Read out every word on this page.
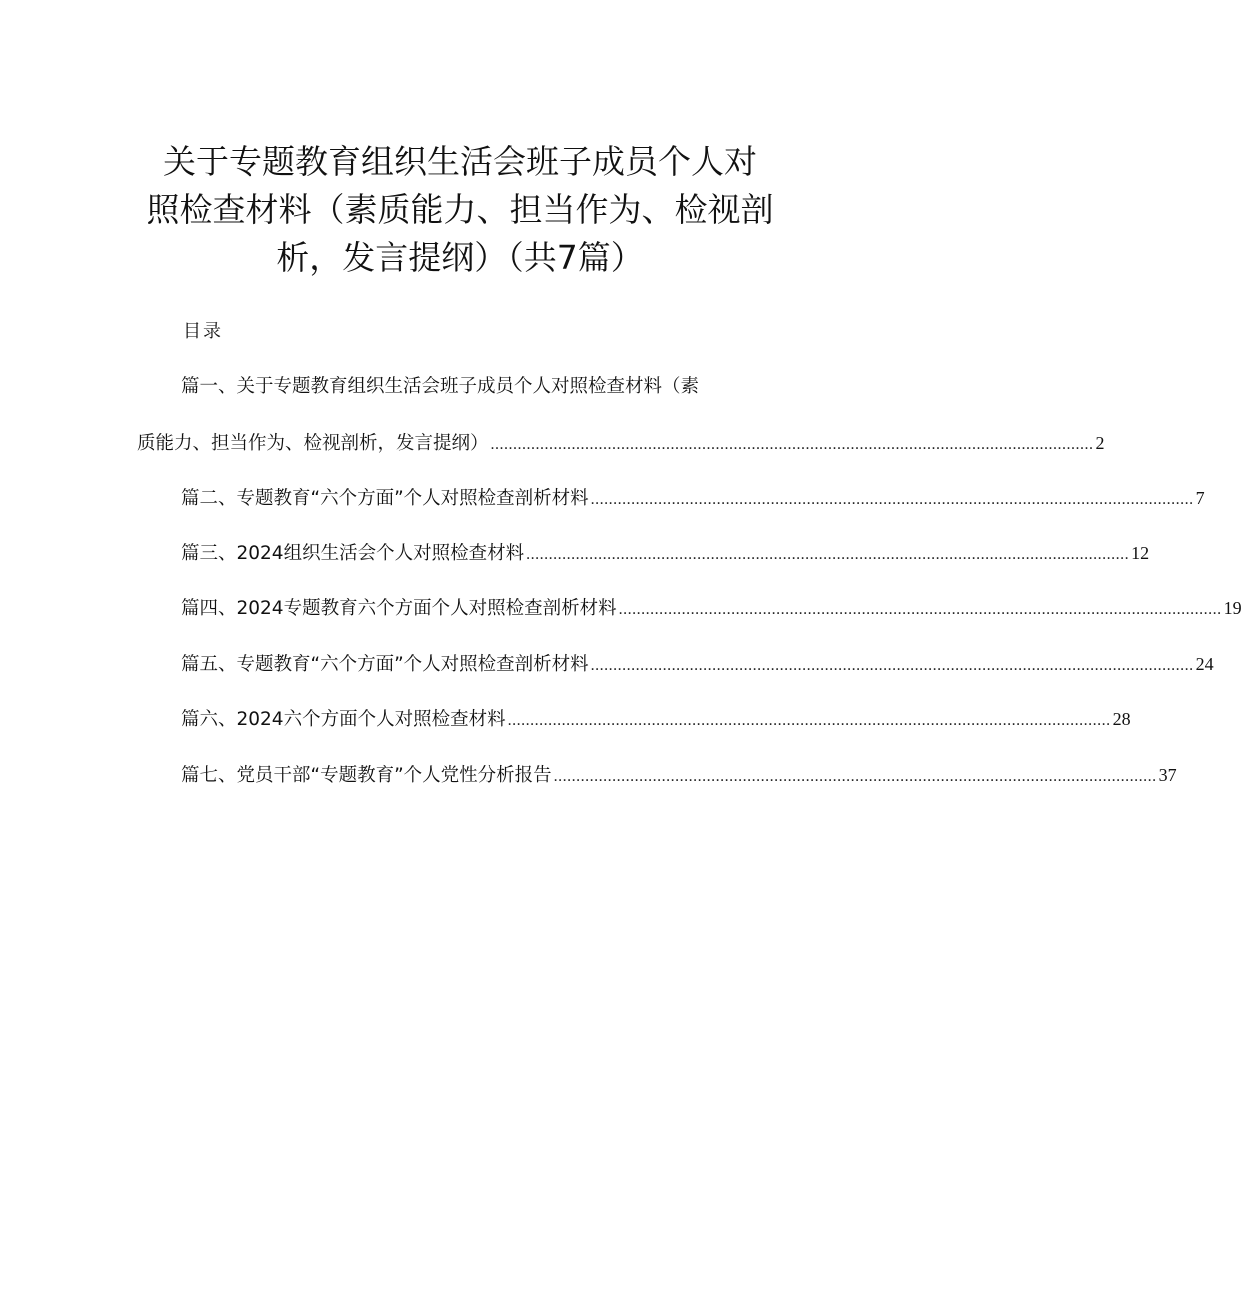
关于专题教育组织生活会班子成员个人对
照检查材料（素质能力、担当作为、检视剖
析，发言提纲）（共7篇）
目录
篇一、关于专题教育组织生活会班子成员个人对照检查材料（素
质能力、担当作为、检视剖析，发言提纲） ...................................................................................................................................... 2
篇二、专题教育“六个方面”个人对照检查剖析材料 ...................................................................................................................................... 7
篇三、2024组织生活会个人对照检查材料 ...................................................................................................................................... 12
篇四、2024专题教育六个方面个人对照检查剖析材料 ...................................................................................................................................... 19
篇五、专题教育“六个方面”个人对照检查剖析材料 ...................................................................................................................................... 24
篇六、2024六个方面个人对照检查材料 ...................................................................................................................................... 28
篇七、党员干部“专题教育”个人党性分析报告 ...................................................................................................................................... 37
